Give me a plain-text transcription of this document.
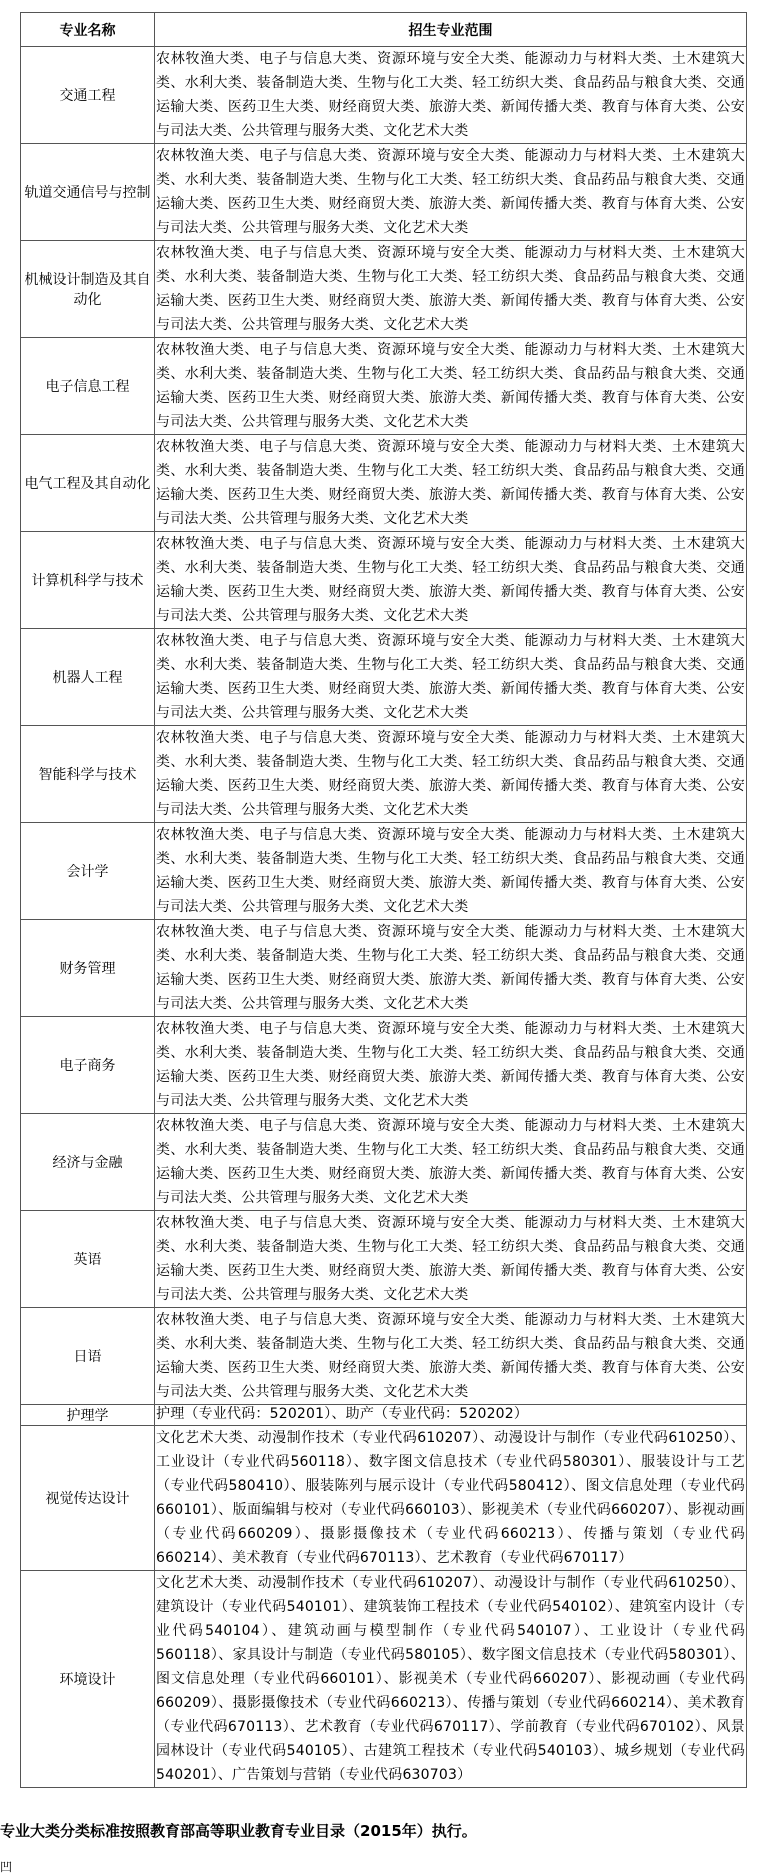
专业名称	招生专业范围
交通工程	农林牧渔大类、电子与信息大类、资源环境与安全大类、能源动力与材料大类、土木建筑大类、水利大类、装备制造大类、生物与化工大类、轻工纺织大类、食品药品与粮食大类、交通运输大类、医药卫生大类、财经商贸大类、旅游大类、新闻传播大类、教育与体育大类、公安与司法大类、公共管理与服务大类、文化艺术大类
轨道交通信号与控制	农林牧渔大类、电子与信息大类、资源环境与安全大类、能源动力与材料大类、土木建筑大类、水利大类、装备制造大类、生物与化工大类、轻工纺织大类、食品药品与粮食大类、交通运输大类、医药卫生大类、财经商贸大类、旅游大类、新闻传播大类、教育与体育大类、公安与司法大类、公共管理与服务大类、文化艺术大类
机械设计制造及其自动化	农林牧渔大类、电子与信息大类、资源环境与安全大类、能源动力与材料大类、土木建筑大类、水利大类、装备制造大类、生物与化工大类、轻工纺织大类、食品药品与粮食大类、交通运输大类、医药卫生大类、财经商贸大类、旅游大类、新闻传播大类、教育与体育大类、公安与司法大类、公共管理与服务大类、文化艺术大类
电子信息工程	农林牧渔大类、电子与信息大类、资源环境与安全大类、能源动力与材料大类、土木建筑大类、水利大类、装备制造大类、生物与化工大类、轻工纺织大类、食品药品与粮食大类、交通运输大类、医药卫生大类、财经商贸大类、旅游大类、新闻传播大类、教育与体育大类、公安与司法大类、公共管理与服务大类、文化艺术大类
电气工程及其自动化	农林牧渔大类、电子与信息大类、资源环境与安全大类、能源动力与材料大类、土木建筑大类、水利大类、装备制造大类、生物与化工大类、轻工纺织大类、食品药品与粮食大类、交通运输大类、医药卫生大类、财经商贸大类、旅游大类、新闻传播大类、教育与体育大类、公安与司法大类、公共管理与服务大类、文化艺术大类
计算机科学与技术	农林牧渔大类、电子与信息大类、资源环境与安全大类、能源动力与材料大类、土木建筑大类、水利大类、装备制造大类、生物与化工大类、轻工纺织大类、食品药品与粮食大类、交通运输大类、医药卫生大类、财经商贸大类、旅游大类、新闻传播大类、教育与体育大类、公安与司法大类、公共管理与服务大类、文化艺术大类
机器人工程	农林牧渔大类、电子与信息大类、资源环境与安全大类、能源动力与材料大类、土木建筑大类、水利大类、装备制造大类、生物与化工大类、轻工纺织大类、食品药品与粮食大类、交通运输大类、医药卫生大类、财经商贸大类、旅游大类、新闻传播大类、教育与体育大类、公安与司法大类、公共管理与服务大类、文化艺术大类
智能科学与技术	农林牧渔大类、电子与信息大类、资源环境与安全大类、能源动力与材料大类、土木建筑大类、水利大类、装备制造大类、生物与化工大类、轻工纺织大类、食品药品与粮食大类、交通运输大类、医药卫生大类、财经商贸大类、旅游大类、新闻传播大类、教育与体育大类、公安与司法大类、公共管理与服务大类、文化艺术大类
会计学	农林牧渔大类、电子与信息大类、资源环境与安全大类、能源动力与材料大类、土木建筑大类、水利大类、装备制造大类、生物与化工大类、轻工纺织大类、食品药品与粮食大类、交通运输大类、医药卫生大类、财经商贸大类、旅游大类、新闻传播大类、教育与体育大类、公安与司法大类、公共管理与服务大类、文化艺术大类
财务管理	农林牧渔大类、电子与信息大类、资源环境与安全大类、能源动力与材料大类、土木建筑大类、水利大类、装备制造大类、生物与化工大类、轻工纺织大类、食品药品与粮食大类、交通运输大类、医药卫生大类、财经商贸大类、旅游大类、新闻传播大类、教育与体育大类、公安与司法大类、公共管理与服务大类、文化艺术大类
电子商务	农林牧渔大类、电子与信息大类、资源环境与安全大类、能源动力与材料大类、土木建筑大类、水利大类、装备制造大类、生物与化工大类、轻工纺织大类、食品药品与粮食大类、交通运输大类、医药卫生大类、财经商贸大类、旅游大类、新闻传播大类、教育与体育大类、公安与司法大类、公共管理与服务大类、文化艺术大类
经济与金融	农林牧渔大类、电子与信息大类、资源环境与安全大类、能源动力与材料大类、土木建筑大类、水利大类、装备制造大类、生物与化工大类、轻工纺织大类、食品药品与粮食大类、交通运输大类、医药卫生大类、财经商贸大类、旅游大类、新闻传播大类、教育与体育大类、公安与司法大类、公共管理与服务大类、文化艺术大类
英语	农林牧渔大类、电子与信息大类、资源环境与安全大类、能源动力与材料大类、土木建筑大类、水利大类、装备制造大类、生物与化工大类、轻工纺织大类、食品药品与粮食大类、交通运输大类、医药卫生大类、财经商贸大类、旅游大类、新闻传播大类、教育与体育大类、公安与司法大类、公共管理与服务大类、文化艺术大类
日语	农林牧渔大类、电子与信息大类、资源环境与安全大类、能源动力与材料大类、土木建筑大类、水利大类、装备制造大类、生物与化工大类、轻工纺织大类、食品药品与粮食大类、交通运输大类、医药卫生大类、财经商贸大类、旅游大类、新闻传播大类、教育与体育大类、公安与司法大类、公共管理与服务大类、文化艺术大类
护理学	护理（专业代码：520201）、助产（专业代码：520202）
视觉传达设计	文化艺术大类、动漫制作技术（专业代码610207）、动漫设计与制作（专业代码610250）、工业设计（专业代码560118）、数字图文信息技术（专业代码580301）、服装设计与工艺（专业代码580410）、服装陈列与展示设计（专业代码580412）、图文信息处理（专业代码660101）、版面编辑与校对（专业代码660103）、影视美术（专业代码660207）、影视动画（专业代码660209）、摄影摄像技术（专业代码660213）、传播与策划（专业代码660214）、美术教育（专业代码670113）、艺术教育（专业代码670117）
环境设计	文化艺术大类、动漫制作技术（专业代码610207）、动漫设计与制作（专业代码610250）、建筑设计（专业代码540101）、建筑装饰工程技术（专业代码540102）、建筑室内设计（专业代码540104）、建筑动画与模型制作（专业代码540107）、工业设计（专业代码560118）、家具设计与制造（专业代码580105）、数字图文信息技术（专业代码580301）、图文信息处理（专业代码660101）、影视美术（专业代码660207）、影视动画（专业代码660209）、摄影摄像技术（专业代码660213）、传播与策划（专业代码660214）、美术教育（专业代码670113）、艺术教育（专业代码670117）、学前教育（专业代码670102）、风景园林设计（专业代码540105）、古建筑工程技术（专业代码540103）、城乡规划（专业代码540201）、广告策划与营销（专业代码630703）
专业大类分类标准按照教育部高等职业教育专业目录（2015年）执行。
凹
